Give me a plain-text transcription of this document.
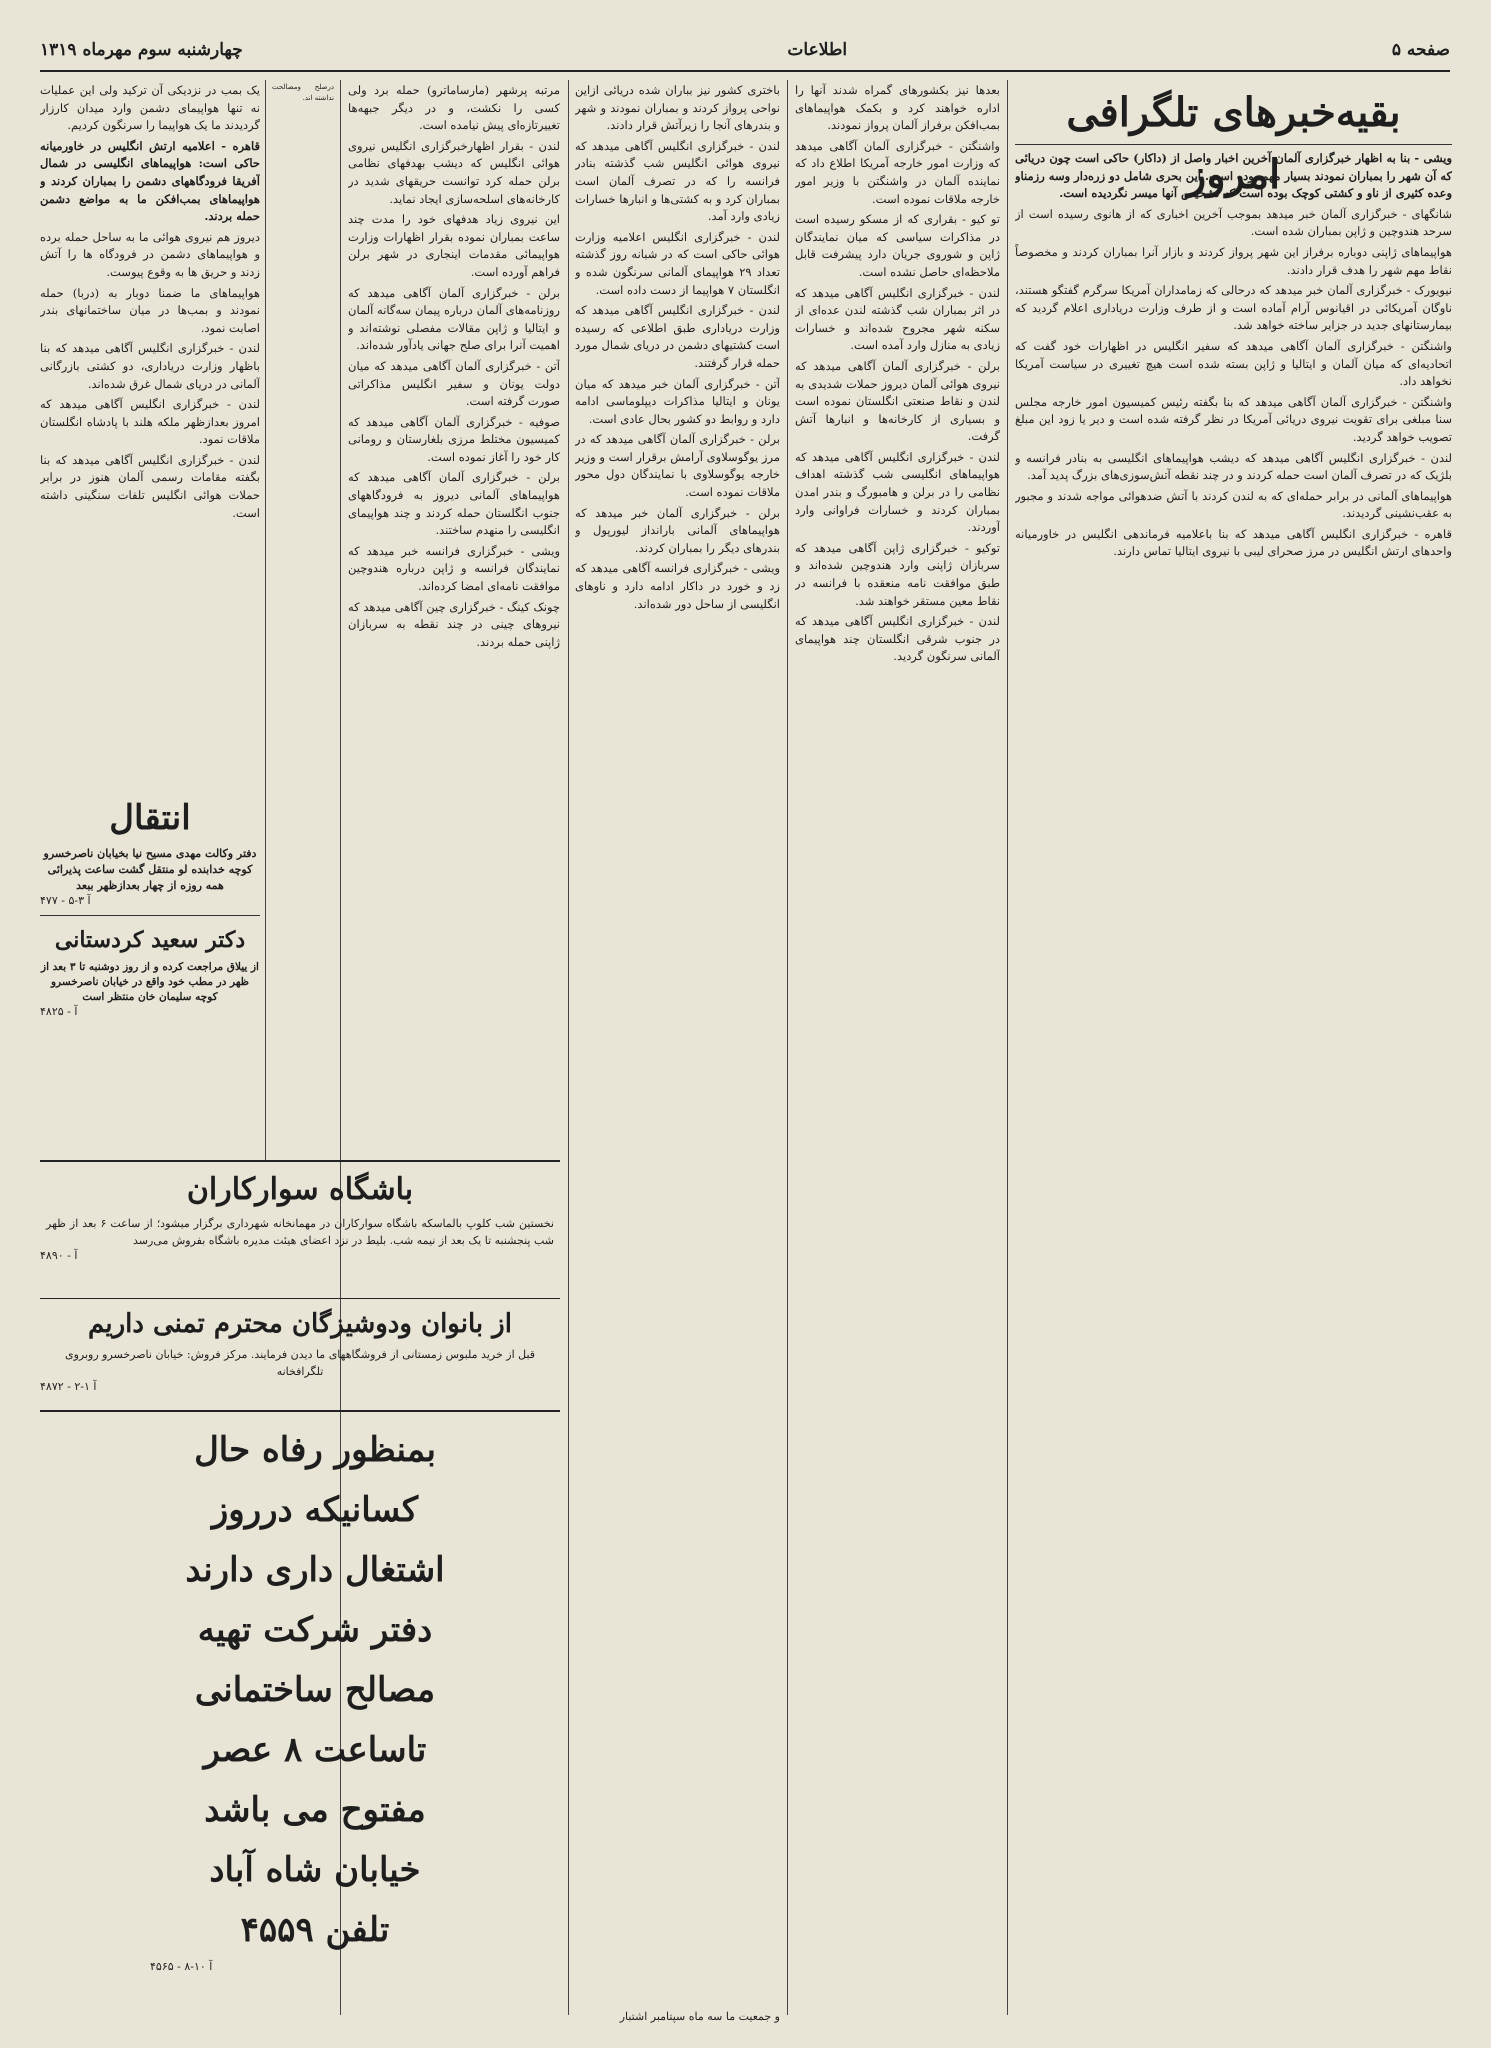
صفحه ۵
اطلاعات
چهارشنبه سوم مهرماه ۱۳۱۹
بقیه‌خبرهای تلگرافی امروز

ویشی - بنا به اظهار خبرگزاری آلمان آخرین اخبار واصل از (داکار) حاکی است چون دریائی که آن شهر را بمباران نمودند بسیار مهم بوده است. این بحری شامل دو زره‌دار وسه رزمناو وعده کثیری از ناو و کشتی کوچک بوده است که تشخیص آنها میسر نگردیده است.

شانگهای - خبرگزاری آلمان خبر میدهد بموجب آخرین اخباری که از هانوی رسیده است از سرحد هندوچین و ژاپن بمباران شده است.

هواپیماهای ژاپنی دوباره برفراز این شهر پرواز کردند و بازار آنرا بمباران کردند و مخصوصاً نقاط مهم شهر را هدف قرار دادند.

نیویورک - خبرگزاری آلمان خبر میدهد که درحالی که زمامداران آمریکا سرگرم گفتگو هستند، ناوگان آمریکائی در اقیانوس آرام آماده است و از طرف وزارت دریاداری اعلام گردید که بیمارستانهای جدید در جزایر ساخته خواهد شد.

واشنگتن - خبرگزاری آلمان آگاهی میدهد که سفیر انگلیس در اظهارات خود گفت که اتحادیه‌ای که میان آلمان و ایتالیا و ژاپن بسته شده است هیچ تغییری در سیاست آمریکا نخواهد داد.

واشنگتن - خبرگزاری آلمان آگاهی میدهد که بنا بگفته رئیس کمیسیون امور خارجه مجلس سنا مبلغی برای تقویت نیروی دریائی آمریکا در نظر گرفته شده است و دیر یا زود این مبلغ تصویب خواهد گردید.

لندن - خبرگزاری انگلیس آگاهی میدهد که دیشب هواپیماهای انگلیسی به بنادر فرانسه و بلژیک که در تصرف آلمان است حمله کردند و در چند نقطه آتش‌سوزی‌های بزرگ پدید آمد.

هواپیماهای آلمانی در برابر حمله‌ای که به لندن کردند با آتش ضدهوائی مواجه شدند و مجبور به عقب‌نشینی گردیدند.

قاهره - خبرگزاری انگلیس آگاهی میدهد که بنا باعلامیه فرماندهی انگلیس در خاورمیانه واحدهای ارتش انگلیس در مرز صحرای لیبی با نیروی ایتالیا تماس دارند.

بعدها نیز بکشورهای گمراه شدند آنها را اداره خواهند کرد و بکمک هواپیماهای بمب‌افکن برفراز آلمان پرواز نمودند.

واشنگتن - خبرگزاری آلمان آگاهی میدهد که وزارت امور خارجه آمریکا اطلاع داد که نماینده آلمان در واشنگتن با وزیر امور خارجه ملاقات نموده است.

تو کیو - بقراری که از مسکو رسیده است در مذاکرات سیاسی که میان نمایندگان ژاپن و شوروی جریان دارد پیشرفت قابل ملاحظه‌ای حاصل نشده است.

لندن - خبرگزاری انگلیس آگاهی میدهد که در اثر بمباران شب گذشته لندن عده‌ای از سکنه شهر مجروح شده‌اند و خسارات زیادی به منازل وارد آمده است.

برلن - خبرگزاری آلمان آگاهی میدهد که نیروی هوائی آلمان دیروز حملات شدیدی به لندن و نقاط صنعتی انگلستان نموده است و بسیاری از کارخانه‌ها و انبارها آتش گرفت.

لندن - خبرگزاری انگلیس آگاهی میدهد که هواپیماهای انگلیسی شب گذشته اهداف نظامی را در برلن و هامبورگ و بندر امدن بمباران کردند و خسارات فراوانی وارد آوردند.

توکیو - خبرگزاری ژاپن آگاهی میدهد که سربازان ژاپنی وارد هندوچین شده‌اند و طبق موافقت نامه منعقده با فرانسه در نقاط معین مستقر خواهند شد.

لندن - خبرگزاری انگلیس آگاهی میدهد که در جنوب شرقی انگلستان چند هواپیمای آلمانی سرنگون گردید.

باختری کشور نیز بباران شده دریائی ازاین نواحی پرواز کردند و بمباران نمودند و شهر و بندرهای آنجا را زیرآتش قرار دادند.

لندن - خبرگزاری انگلیس آگاهی میدهد که نیروی هوائی انگلیس شب گذشته بنادر فرانسه را که در تصرف آلمان است بمباران کرد و به کشتی‌ها و انبارها خسارات زیادی وارد آمد.

لندن - خبرگزاری انگلیس اعلامیه وزارت هوائی حاکی است که در شبانه روز گذشته تعداد ۲۹ هواپیمای آلمانی سرنگون شده و انگلستان ۷ هواپیما از دست داده است.

لندن - خبرگزاری انگلیس آگاهی میدهد که وزارت دریاداری طبق اطلاعی که رسیده است کشتیهای دشمن در دریای شمال مورد حمله قرار گرفتند.

آتن - خبرگزاری آلمان خبر میدهد که میان یونان و ایتالیا مذاکرات دیپلوماسی ادامه دارد و روابط دو کشور بحال عادی است.

برلن - خبرگزاری آلمان آگاهی میدهد که در مرز یوگوسلاوی آرامش برقرار است و وزیر خارجه یوگوسلاوی با نمایندگان دول محور ملاقات نموده است.

برلن - خبرگزاری آلمان خبر میدهد که هواپیماهای آلمانی بارانداز لیورپول و بندرهای دیگر را بمباران کردند.

ویشی - خبرگزاری فرانسه آگاهی میدهد که زد و خورد در داکار ادامه دارد و ناوهای انگلیسی از ساحل دور شده‌اند.

مرتبه پرشهر (مارساماترو) حمله برد ولی کسی را نکشت، و در دیگر جبهه‌ها تغییرتازه‌ای پیش نیامده است.

لندن - بقرار اظهارخبرگزاری انگلیس نیروی هوائی انگلیس که دیشب بهدفهای نظامی برلن حمله کرد توانست حریقهای شدید در کارخانه‌های اسلحه‌سازی ایجاد نماید.

این نیروی زیاد هدفهای خود را مدت چند ساعت بمباران نموده بقرار اظهارات وزارت هواپیمائی مقدمات اینجاری در شهر برلن فراهم آورده است.

برلن - خبرگزاری آلمان آگاهی میدهد که روزنامه‌های آلمان درباره پیمان سه‌گانه آلمان و ایتالیا و ژاپن مقالات مفصلی نوشته‌اند و اهمیت آنرا برای صلح جهانی یادآور شده‌اند.

آتن - خبرگزاری آلمان آگاهی میدهد که میان دولت یونان و سفیر انگلیس مذاکراتی صورت گرفته است.

صوفیه - خبرگزاری آلمان آگاهی میدهد که کمیسیون مختلط مرزی بلغارستان و رومانی کار خود را آغاز نموده است.

برلن - خبرگزاری آلمان آگاهی میدهد که هواپیماهای آلمانی دیروز به فرودگاههای جنوب انگلستان حمله کردند و چند هواپیمای انگلیسی را منهدم ساختند.

ویشی - خبرگزاری فرانسه خبر میدهد که نمایندگان فرانسه و ژاپن درباره هندوچین موافقت نامه‌ای امضا کرده‌اند.

چونک کینگ - خبرگزاری چین آگاهی میدهد که نیروهای چینی در چند نقطه به سربازان ژاپنی حمله بردند.

درصلح ومصالحت نداشته اند.

یک بمب در نزدیکی آن ترکید ولی این عملیات نه تنها هواپیمای دشمن وارد میدان کارزار گردیدند ما یک هواپیما را سرنگون کردیم.

قاهره - اعلامیه ارتش انگلیس در خاورمیانه حاکی است: هواپیماهای انگلیسی در شمال آفریقا فرودگاههای دشمن را بمباران کردند و هواپیماهای بمب‌افکن ما به مواضع دشمن حمله بردند.

دیروز هم نیروی هوائی ما به ساحل حمله برده و هواپیماهای دشمن در فرودگاه ها را آتش زدند و حریق ها به وقوع پیوست.

هواپیماهای ما ضمنا دوبار به (دربا) حمله نمودند و بمب‌ها در میان ساختمانهای بندر اصابت نمود.

لندن - خبرگزاری انگلیس آگاهی میدهد که بنا باظهار وزارت دریاداری، دو کشتی بازرگانی آلمانی در دریای شمال غرق شده‌اند.

لندن - خبرگزاری انگلیس آگاهی میدهد که امروز بعدازظهر ملکه هلند با پادشاه انگلستان ملاقات نمود.

لندن - خبرگزاری انگلیس آگاهی میدهد که بنا بگفته مقامات رسمی آلمان هنوز در برابر حملات هوائی انگلیس تلفات سنگینی داشته است.

انتقال
دفتر وکالت مهدی مسیح نیا بخیابان ناصرخسرو کوچه خدابنده لو منتقل گشت ساعت پذیرائی همه روزه از چهار بعدازظهر ببعد
۴۷۷ - آ ۳-۵
دکتر سعید کردستانی
از ییلاق مراجعت کرده و از روز دوشنبه تا ۳ بعد از ظهر در مطب خود واقع در خیابان ناصرخسرو کوچه سلیمان خان منتظر است
۴۸۲۵ - آ
باشگاه سوارکاران
نخستین شب کلوپ بالماسکه باشگاه سوارکاران در مهمانخانه شهرداری برگزار میشود؛ از ساعت ۶ بعد از ظهر شب پنجشنبه تا یک بعد از نیمه شب. بلیط در نزد اعضای هیئت مدیره باشگاه بفروش می‌رسد
۴۸۹۰ - آ
از بانوان ودوشیزگان محترم تمنی داریم
قبل از خرید ملبوس زمستانی از فروشگاههای ما دیدن فرمایند. مرکز فروش: خیابان ناصرخسرو روبروی تلگرافخانه
۴۸۷۲ - آ ۱-۲
بمنظور رفاه حال
کسانیکه درروز
اشتغال داری دارند
دفتر شرکت تهیه
مصالح ساختمانی
تاساعت ۸ عصر
مفتوح می باشد
خیابان شاه آباد
تلفن ۴۵۵۹
۴۵۶۵ - آ ۱۰-۸
و جمعیت ما سه ماه سپتامبر اشتبار
